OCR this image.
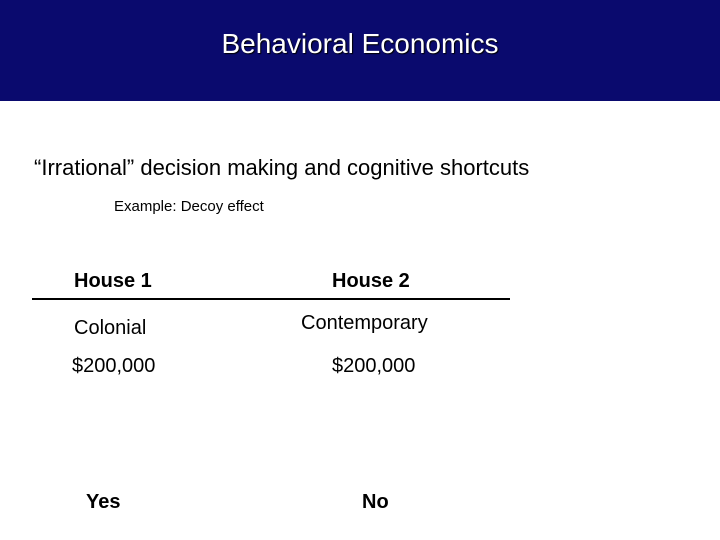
Behavioral Economics
“Irrational” decision making and cognitive shortcuts
Example: Decoy effect
House 1	House 2
Colonial	Contemporary
$200,000	$200,000
Yes	No
